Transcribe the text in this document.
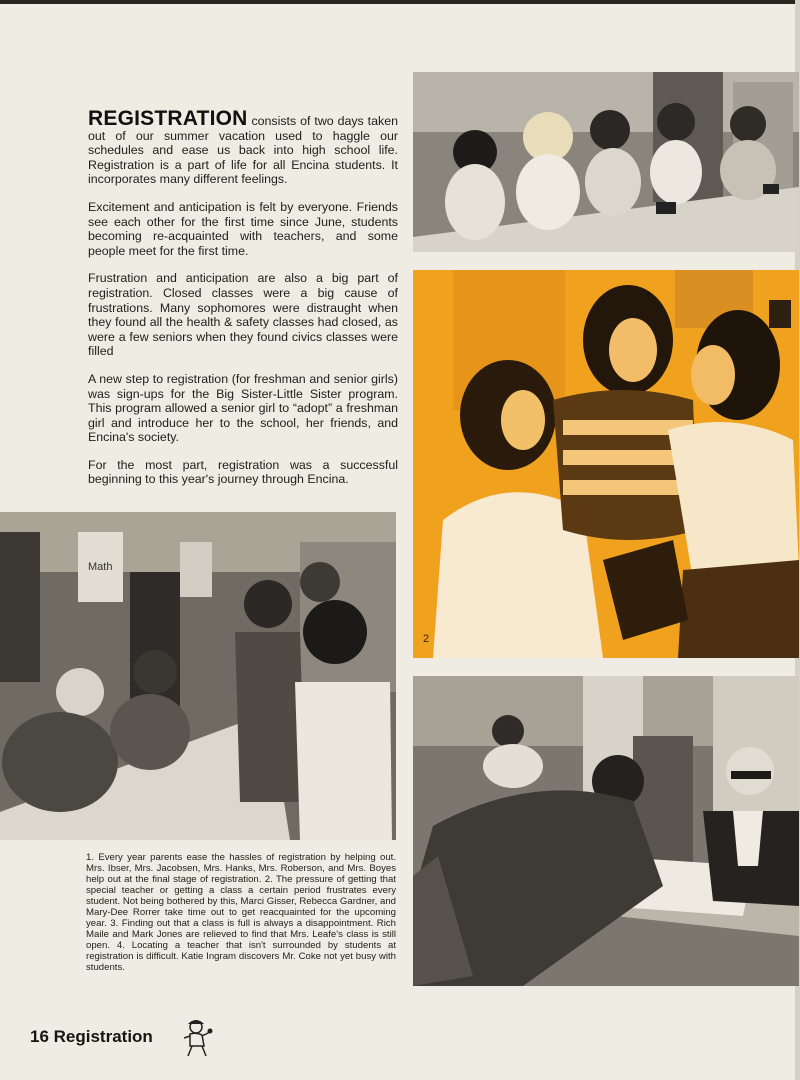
REGISTRATION consists of two days taken out of our summer vacation used to haggle our schedules and ease us back into high school life. Registration is a part of life for all Encina students. It incorporates many different feelings.

Excitement and anticipation is felt by everyone. Friends see each other for the first time since June, students becoming re-acquainted with teachers, and some people meet for the first time.

Frustration and anticipation are also a big part of registration. Closed classes were a big cause of frustrations. Many sophomores were distraught when they found all the health & safety classes had closed, as were a few seniors when they found civics classes were filled

A new step to registration (for freshman and senior girls) was sign-ups for the Big Sister-Little Sister program. This program allowed a senior girl to “adopt” a freshman girl and introduce her to the school, her friends, and Encina's society.

For the most part, registration was a successful beginning to this year's journey through Encina.

2
Math
1. Every year parents ease the hassles of registration by helping out. Mrs. Ibser, Mrs. Jacobsen, Mrs. Hanks, Mrs. Roberson, and Mrs. Boyes help out at the final stage of registration. 2. The pressure of getting that special teacher or getting a class a certain period frustrates every student. Not being bothered by this, Marci Gisser, Rebecca Gardner, and Mary-Dee Rorrer take time out to get reacquainted for the upcoming year. 3. Finding out that a class is full is always a disappointment. Rich Maile and Mark Jones are relieved to find that Mrs. Leafe's class is still open. 4. Locating a teacher that isn't surrounded by students at registration is difficult. Katie Ingram discovers Mr. Coke not yet busy with students.
16 Registration
